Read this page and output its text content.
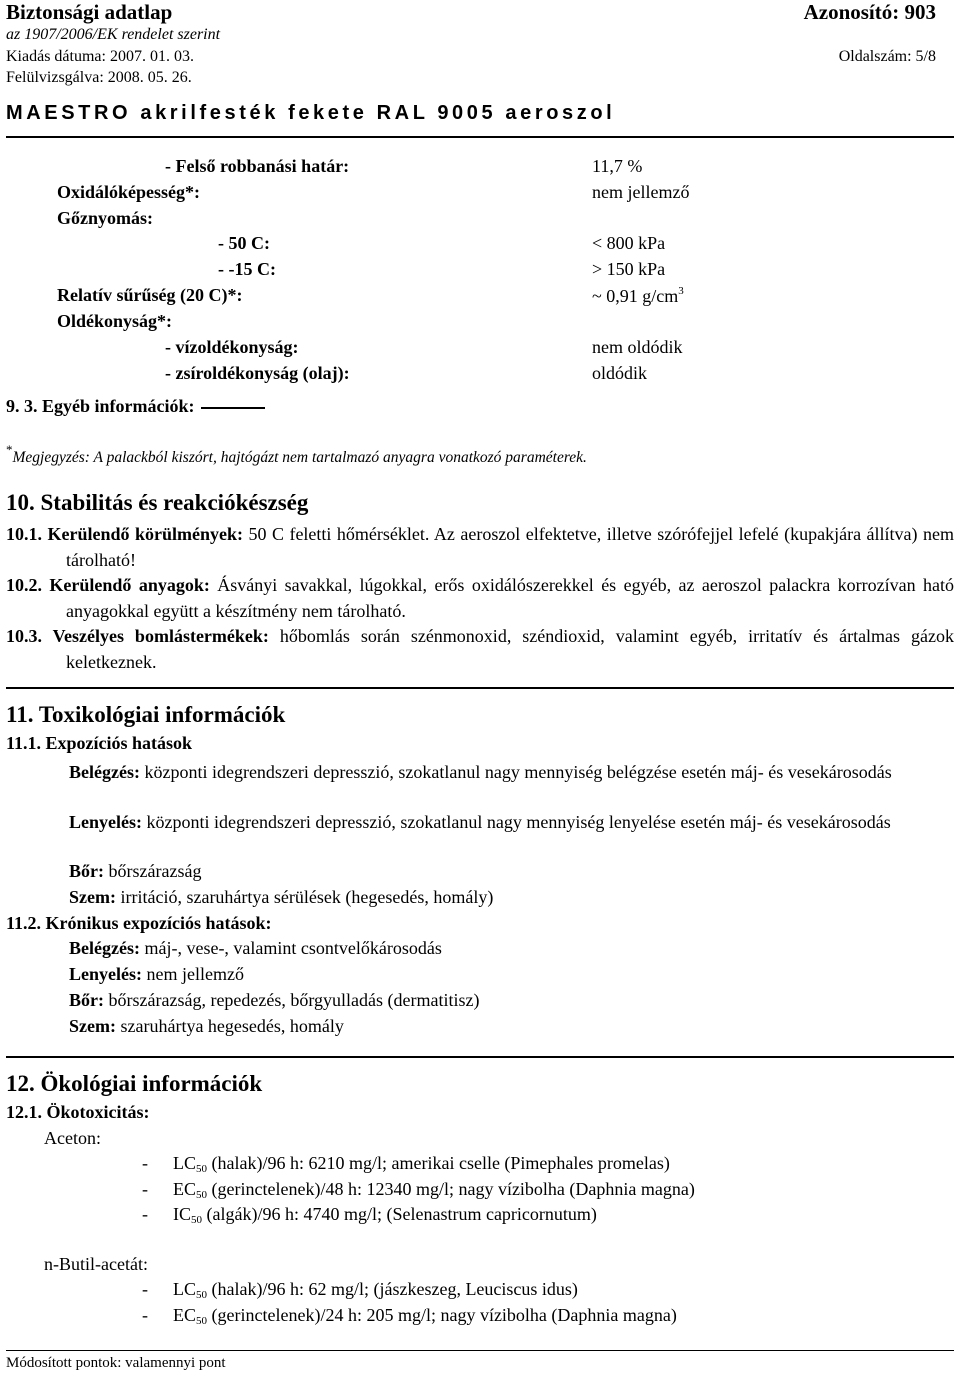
Biztonsági adatlap	Azonosító: 903
az 1907/2006/EK rendelet szerint
Kiadás dátuma: 2007. 01. 03.	Oldalszám: 5/8
Felülvizsgálva: 2008. 05. 26.
MAESTRO akrilfesték fekete RAL 9005 aeroszol
- Felső robbanási határ:	11,7 %
Oxidálóképesség*:	nem jellemző
Gőznyomás:
- 50 C:	< 800 kPa
- -15 C:	> 150 kPa
Relatív sűrűség (20 C)*:	~ 0,91 $g/cm^3$
Oldékonyság*:
- vízoldékonyság:	nem oldódik
- zsíroldékonyság (olaj):	oldódik
9. 3. Egyéb információk:
*Megjegyzés: A palackból kiszórt, hajtógázt nem tartalmazó anyagra vonatkozó paraméterek.
10. Stabilitás és reakciókészség
10.1. Kerülendő körülmények: 50 C feletti hőmérséklet. Az aeroszol elfektetve, illetve szórófejjel lefelé (kupakjára állítva) nem tárolható!
10.2. Kerülendő anyagok: Ásványi savakkal, lúgokkal, erős oxidálószerekkel és egyéb, az aeroszol palackra korrozívan ható anyagokkal együtt a készítmény nem tárolható.
10.3. Veszélyes bomlástermékek: hőbomlás során szénmonoxid, széndioxid, valamint egyéb, irritatív és ártalmas gázok keletkeznek.
11. Toxikológiai információk
11.1. Expozíciós hatások
Belégzés: központi idegrendszeri depresszió, szokatlanul nagy mennyiség belégzése esetén máj- és vesekárosodás
Lenyelés: központi idegrendszeri depresszió, szokatlanul nagy mennyiség lenyelése esetén máj- és vesekárosodás
Bőr: bőrszárazság
Szem: irritáció, szaruhártya sérülések (hegesedés, homály)
11.2. Krónikus expozíciós hatások:
Belégzés: máj-, vese-, valamint csontvelőkárosodás
Lenyelés: nem jellemző
Bőr: bőrszárazság, repedezés, bőrgyulladás (dermatitisz)
Szem: szaruhártya hegesedés, homály
12. Ökológiai információk
12.1. Ökotoxicitás:
Aceton:
- $LC_{50}$ (halak)/96 h: 6210 mg/l; amerikai cselle (Pimephales promelas)
- $EC_{50}$ (gerinctelenek)/48 h: 12340 mg/l; nagy vízibolha (Daphnia magna)
- $IC_{50}$ (algák)/96 h: 4740 mg/l; (Selenastrum capricornutum)
n-Butil-acetát:
- $LC_{50}$ (halak)/96 h: 62 mg/l; (jászkeszeg, Leuciscus idus)
- $EC_{50}$ (gerinctelenek)/24 h: 205 mg/l; nagy vízibolha (Daphnia magna)
Módosított pontok: valamennyi pont
